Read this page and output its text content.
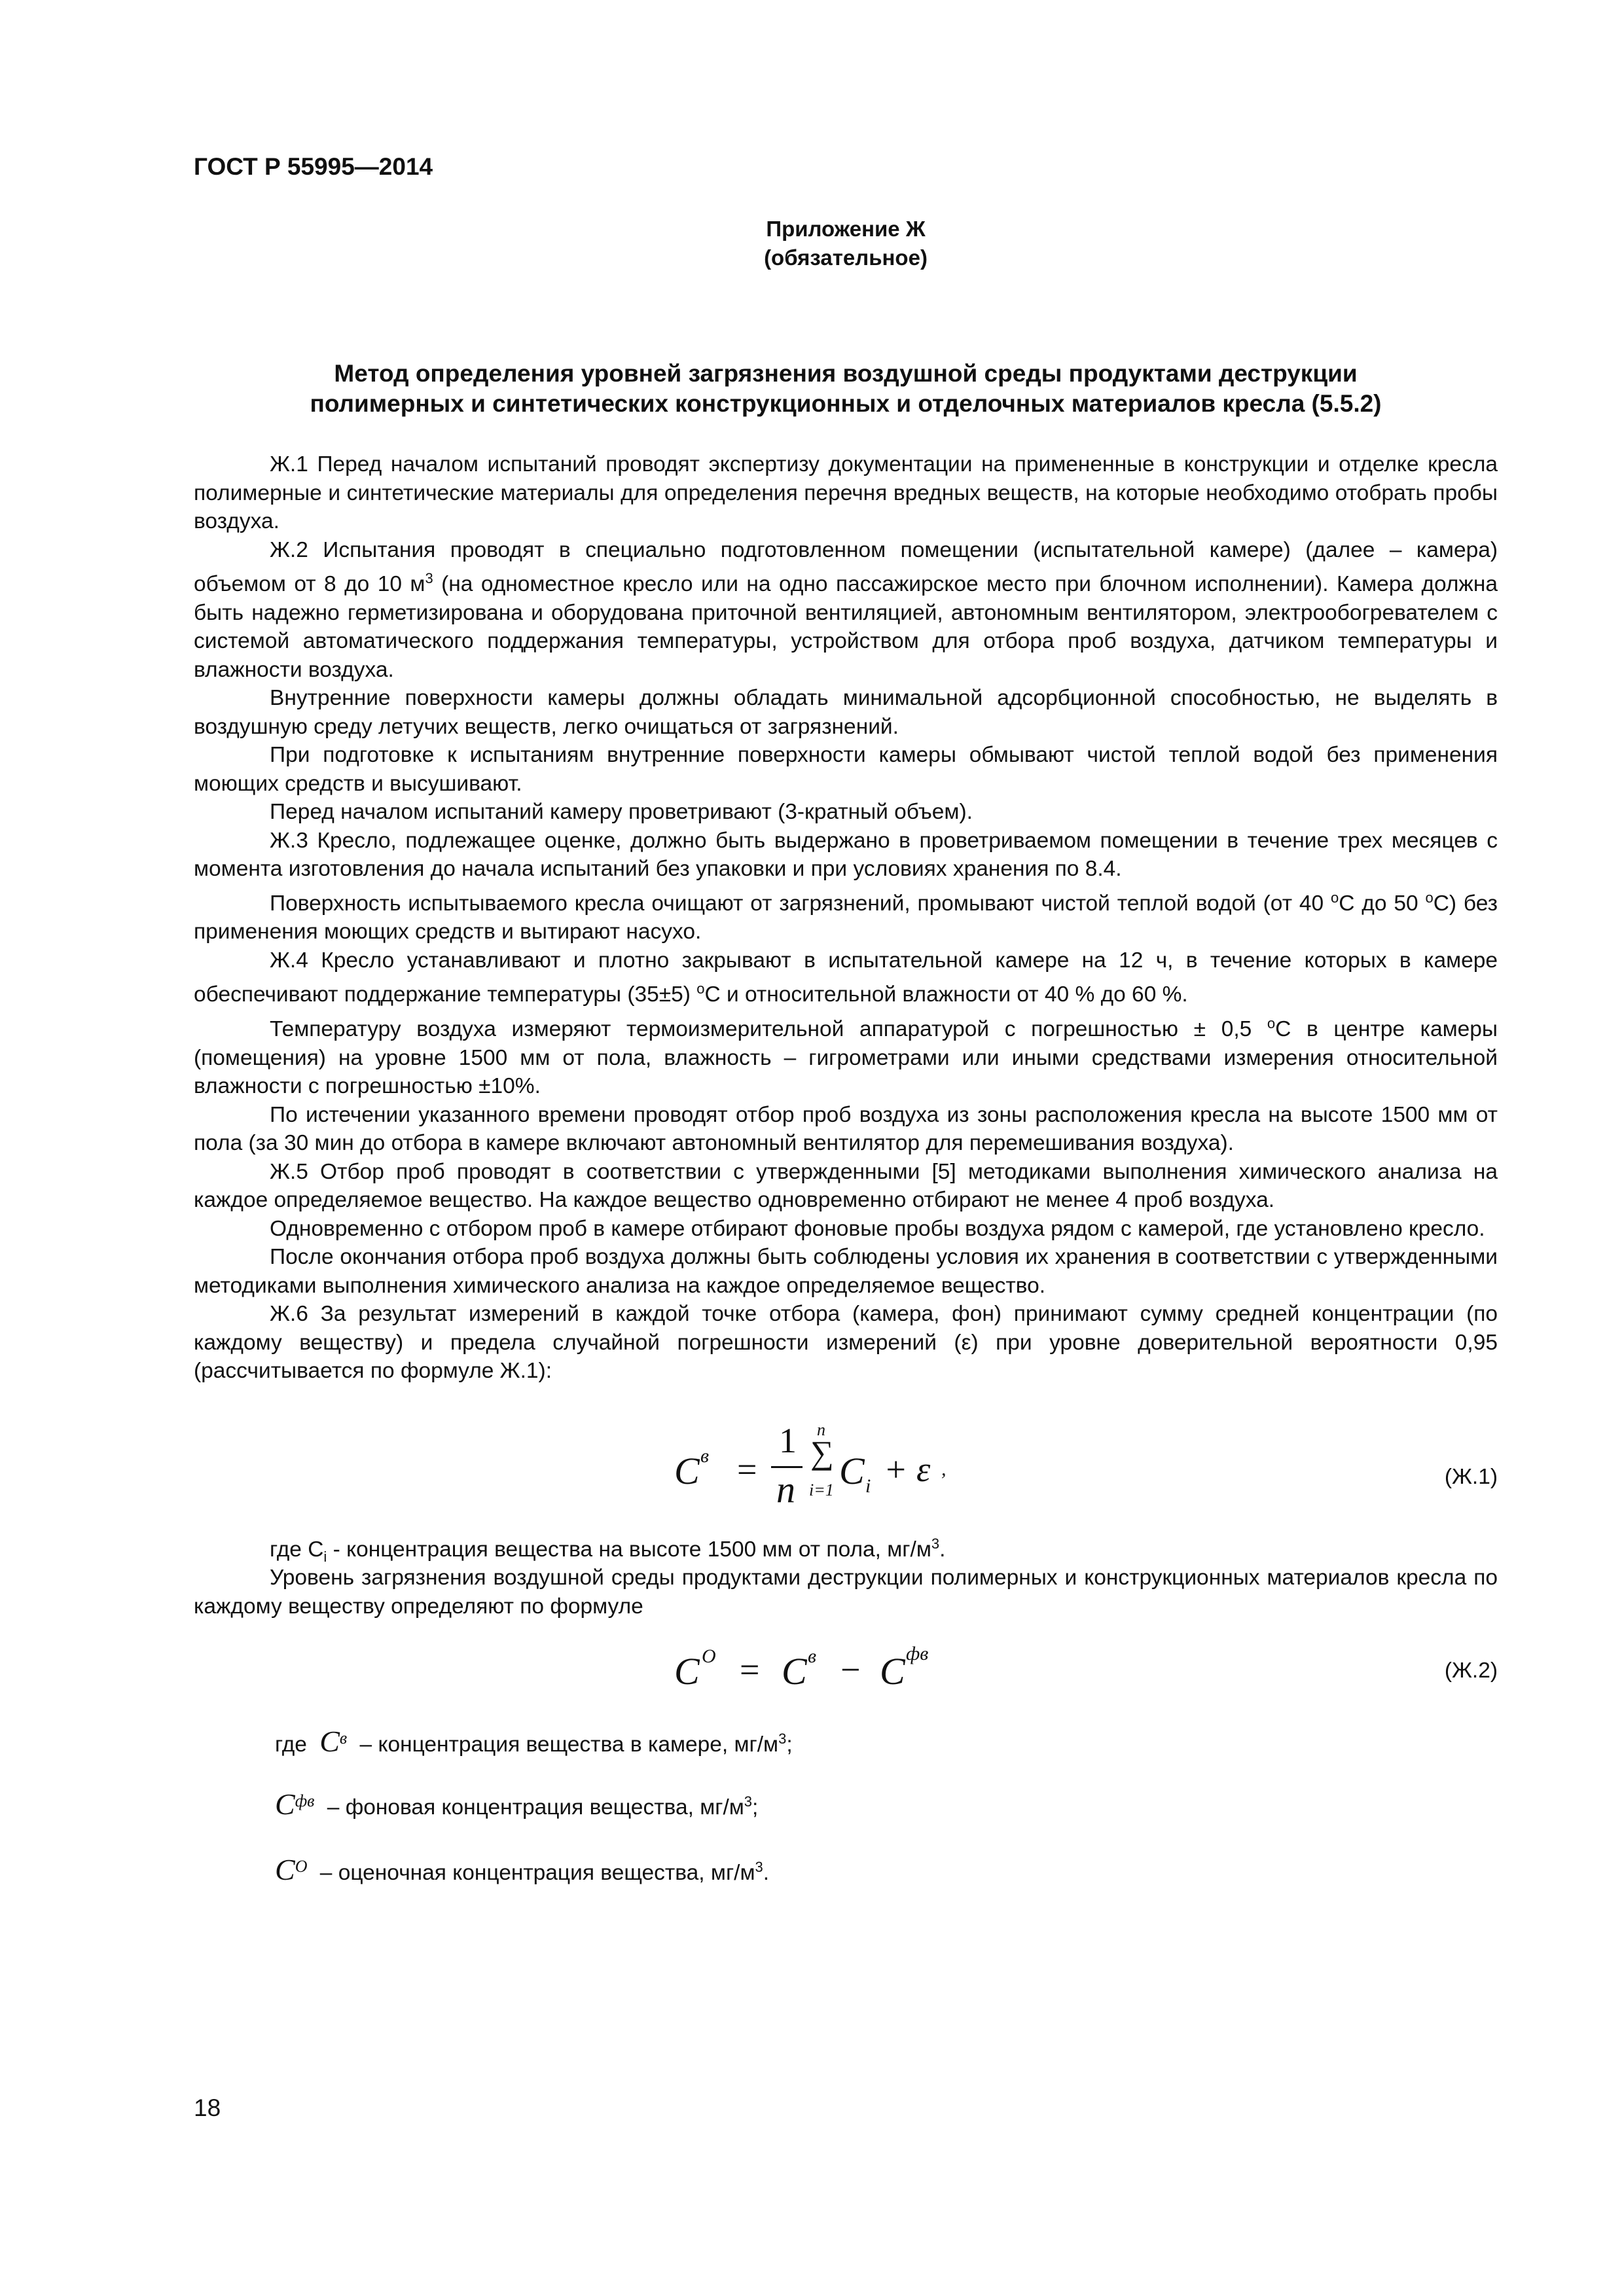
ГОСТ Р 55995—2014
Приложение Ж
(обязательное)
Метод определения уровней загрязнения воздушной среды продуктами деструкции
полимерных и синтетических конструкционных и отделочных материалов кресла (5.5.2)

Ж.1 Перед началом испытаний проводят экспертизу документации на примененные в конструкции и отделке кресла полимерные и синтетические материалы для определения перечня вредных веществ, на которые необходимо отобрать пробы воздуха.

Ж.2 Испытания проводят в специально подготовленном помещении (испытательной камере) (далее – камера) объемом от 8 до 10 $м^3$ (на одноместное кресло или на одно пассажирское место при блочном исполнении). Камера должна быть надежно герметизирована и оборудована приточной вентиляцией, автономным вентилятором, электрообогревателем с системой автоматического поддержания температуры, устройством для отбора проб воздуха, датчиком температуры и влажности воздуха.

Внутренние поверхности камеры должны обладать минимальной адсорбционной способностью, не выделять в воздушную среду летучих веществ, легко очищаться от загрязнений.

При подготовке к испытаниям внутренние поверхности камеры обмывают чистой теплой водой без применения моющих средств и высушивают.

Перед началом испытаний камеру проветривают (3-кратный объем).

Ж.3 Кресло, подлежащее оценке, должно быть выдержано в проветриваемом помещении в течение трех месяцев с момента изготовления до начала испытаний без упаковки и при условиях хранения по 8.4.

Поверхность испытываемого кресла очищают от загрязнений, промывают чистой теплой водой (от 40 $^o$С до 50 $^o$С) без применения моющих средств и вытирают насухо.

Ж.4 Кресло устанавливают и плотно закрывают в испытательной камере на 12 ч, в течение которых в камере обеспечивают поддержание температуры (35±5) $^o$С и относительной влажности от 40 % до 60 %.

Температуру воздуха измеряют термоизмерительной аппаратурой с погрешностью ± 0,5 $^o$С в центре камеры (помещения) на уровне 1500 мм от пола, влажность – гигрометрами или иными средствами измерения относительной влажности с погрешностью ±10%.

По истечении указанного времени проводят отбор проб воздуха из зоны расположения кресла на высоте 1500 мм от пола (за 30 мин до отбора в камере включают автономный вентилятор для перемешивания воздуха).

Ж.5 Отбор проб проводят в соответствии с утвержденными [5] методиками выполнения химического анализа на каждое определяемое вещество. На каждое вещество одновременно отбирают не менее 4 проб воздуха.

Одновременно с отбором проб в камере отбирают фоновые пробы воздуха рядом с камерой, где установлено кресло.

После окончания отбора проб воздуха должны быть соблюдены условия их хранения в соответствии с утвержденными методиками выполнения химического анализа на каждое определяемое вещество.

Ж.6 За результат измерений в каждой точке отбора (камера, фон) принимают сумму средней концентрации (по каждому веществу) и предела случайной погрешности измерений (ε) при уровне доверительной вероятности 0,95 (рассчитывается по формуле Ж.1):

C в =
1
n
n
∑
i=1 C i + ε ,	(Ж.1)
где $C_i$ - концентрация вещества на высоте 1500 мм от пола, $мг/м^3$.
Уровень загрязнения воздушной среды продуктами деструкции полимерных и конструкционных материалов кресла по каждому веществу определяют по формуле
C O = C в − C фв
(Ж.2)
где $C^в$ – концентрация вещества в камере, $мг/м^3$;
$C^{фв}$ – фоновая концентрация вещества, $мг/м^3$;
$C^O$ – оценочная концентрация вещества, $мг/м^3$.
18
